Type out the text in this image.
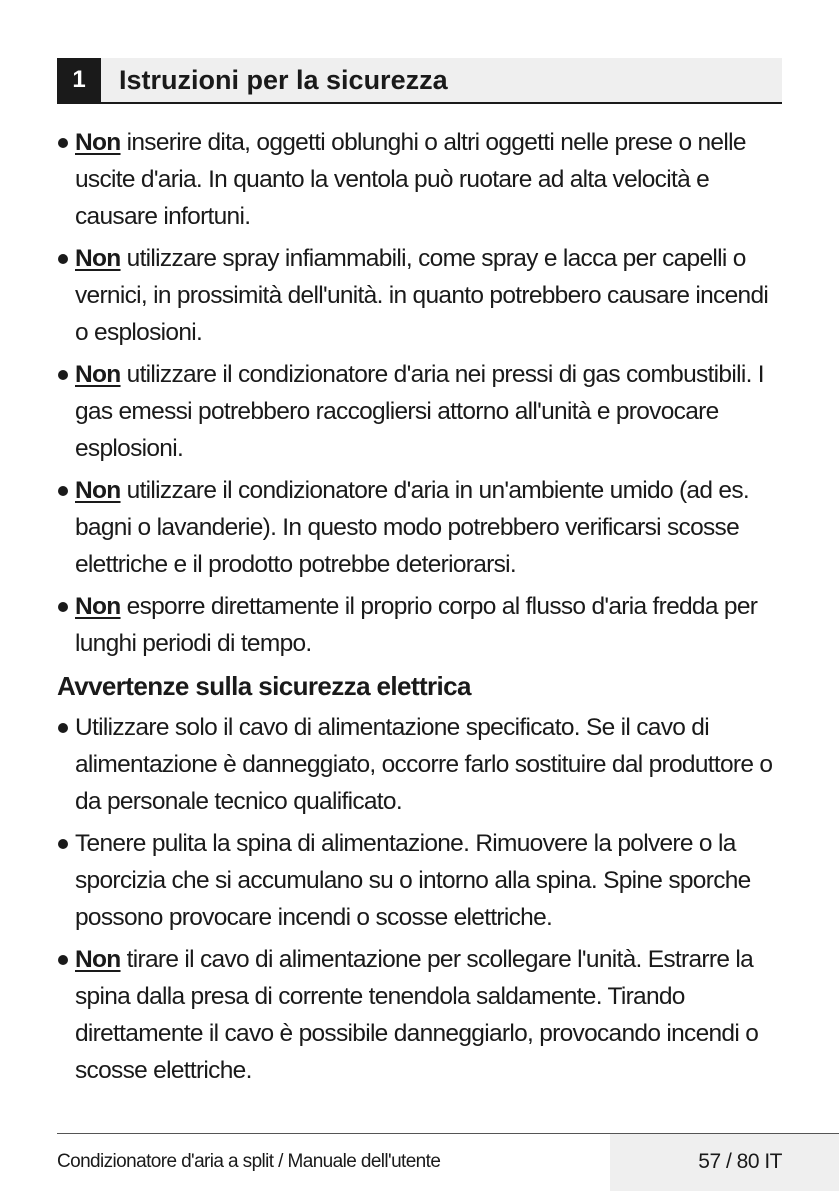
1	Istruzioni per la sicurezza
Non inserire dita, oggetti oblunghi o altri oggetti nelle prese o nelle uscite d'aria. In quanto la ventola può ruotare ad alta velocità e causare infortuni.
Non utilizzare spray infiammabili, come spray e lacca per capelli o vernici, in prossimità dell'unità. in quanto potrebbero causare incendi o esplosioni.
Non utilizzare il condizionatore d'aria nei pressi di gas combustibili. I gas emessi potrebbero raccogliersi attorno all'unità e provocare esplosioni.
Non utilizzare il condizionatore d'aria in un'ambiente umido (ad es. bagni o lavanderie). In questo modo potrebbero verificarsi scosse elettriche e il prodotto potrebbe deteriorarsi.
Non esporre direttamente il proprio corpo al flusso d'aria fredda per lunghi periodi di tempo.
Avvertenze sulla sicurezza elettrica
Utilizzare solo il cavo di alimentazione specificato. Se il cavo di alimentazione è danneggiato, occorre farlo sostituire dal produttore o da personale tecnico qualificato.
Tenere pulita la spina di alimentazione. Rimuovere la polvere o la sporcizia che si accumulano su o intorno alla spina. Spine sporche possono provocare incendi o scosse elettriche.
Non tirare il cavo di alimentazione per scollegare l'unità. Estrarre la spina dalla presa di corrente tenendola saldamente. Tirando direttamente il cavo è possibile danneggiarlo, provocando incendi o scosse elettriche.
Condizionatore d'aria a split / Manuale dell'utente	57 / 80 IT
